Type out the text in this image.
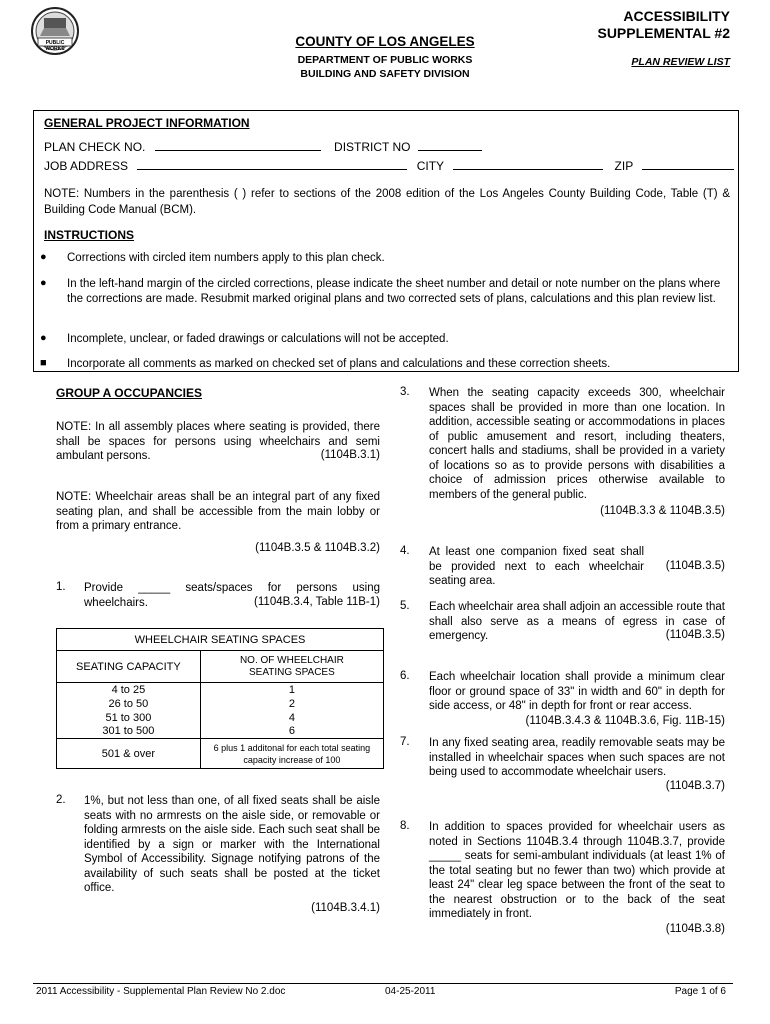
PUBLIC WORKS	COUNTY OF LOS ANGELES
DEPARTMENT OF PUBLIC WORKS
BUILDING AND SAFETY DIVISION
ACCESSIBILITY
SUPPLEMENTAL #2
PLAN REVIEW LIST
GENERAL PROJECT INFORMATION
PLAN CHECK NO.	DISTRICT NO
JOB ADDRESS	CITY	ZIP
NOTE: Numbers in the parenthesis ( ) refer to sections of the 2008 edition of the Los Angeles County Building Code, Table (T) & Building Code Manual (BCM).
INSTRUCTIONS
● Corrections with circled item numbers apply to this plan check.
● In the left-hand margin of the circled corrections, please indicate the sheet number and detail or note number on the plans where the corrections are made. Resubmit marked original plans and two corrected sets of plans, calculations and this plan review list.
● Incomplete, unclear, or faded drawings or calculations will not be accepted.
■ Incorporate all comments as marked on checked set of plans and calculations and these correction sheets.
GROUP A OCCUPANCIES
NOTE: In all assembly places where seating is provided, there shall be spaces for persons using wheelchairs and semi ambulant persons.	(1104B.3.1)
NOTE: Wheelchair areas shall be an integral part of any fixed seating plan, and shall be accessible from the main lobby or from a primary entrance.
(1104B.3.5 & 1104B.3.2)
1. Provide _____ seats/spaces for persons using wheelchairs.	(1104B.3.4, Table 11B-1)
WHEELCHAIR SEATING SPACES	
SEATING CAPACITY	NO. OF WHEELCHAIR SEATING SPACES
4 to 25	1
26 to 50	2
51 to 300	4
301 to 500	6
501 & over	6 plus 1 additonal for each total seating capacity increase of 100
2. 1%, but not less than one, of all fixed seats shall be aisle seats with no armrests on the aisle side, or removable or folding armrests on the aisle side. Each such seat shall be identified by a sign or marker with the International Symbol of Accessibility. Signage notifying patrons of the availability of such seats shall be posted at the ticket office.
(1104B.3.4.1)
3. When the seating capacity exceeds 300, wheelchair spaces shall be provided in more than one location. In addition, accessible seating or accommodations in places of public amusement and resort, including theaters, concert halls and stadiums, shall be provided in a variety of locations so as to provide persons with disabilities a choice of admission prices otherwise available to members of the general public.
(1104B.3.3 & 1104B.3.5)
4. At least one companion fixed seat shall be provided next to each wheelchair seating area.
(1104B.3.5)
5. Each wheelchair area shall adjoin an accessible route that shall also serve as a means of egress in case of emergency.	(1104B.3.5)
6. Each wheelchair location shall provide a minimum clear floor or ground space of 33" in width and 60" in depth for side access, or 48" in depth for front or rear access.
(1104B.3.4.3 & 1104B.3.6, Fig. 11B-15)
7. In any fixed seating area, readily removable seats may be installed in wheelchair spaces when such spaces are not being used to accommodate wheelchair users.
(1104B.3.7)
8. In addition to spaces provided for wheelchair users as noted in Sections 1104B.3.4 through 1104B.3.7, provide _____ seats for semi-ambulant individuals (at least 1% of the total seating but no fewer than two) which provide at least 24" clear leg space between the front of the seat to the nearest obstruction or to the back of the seat immediately in front.
(1104B.3.8)
2011 Accessibility - Supplemental Plan Review No 2.doc	04-25-2011	Page 1 of 6
